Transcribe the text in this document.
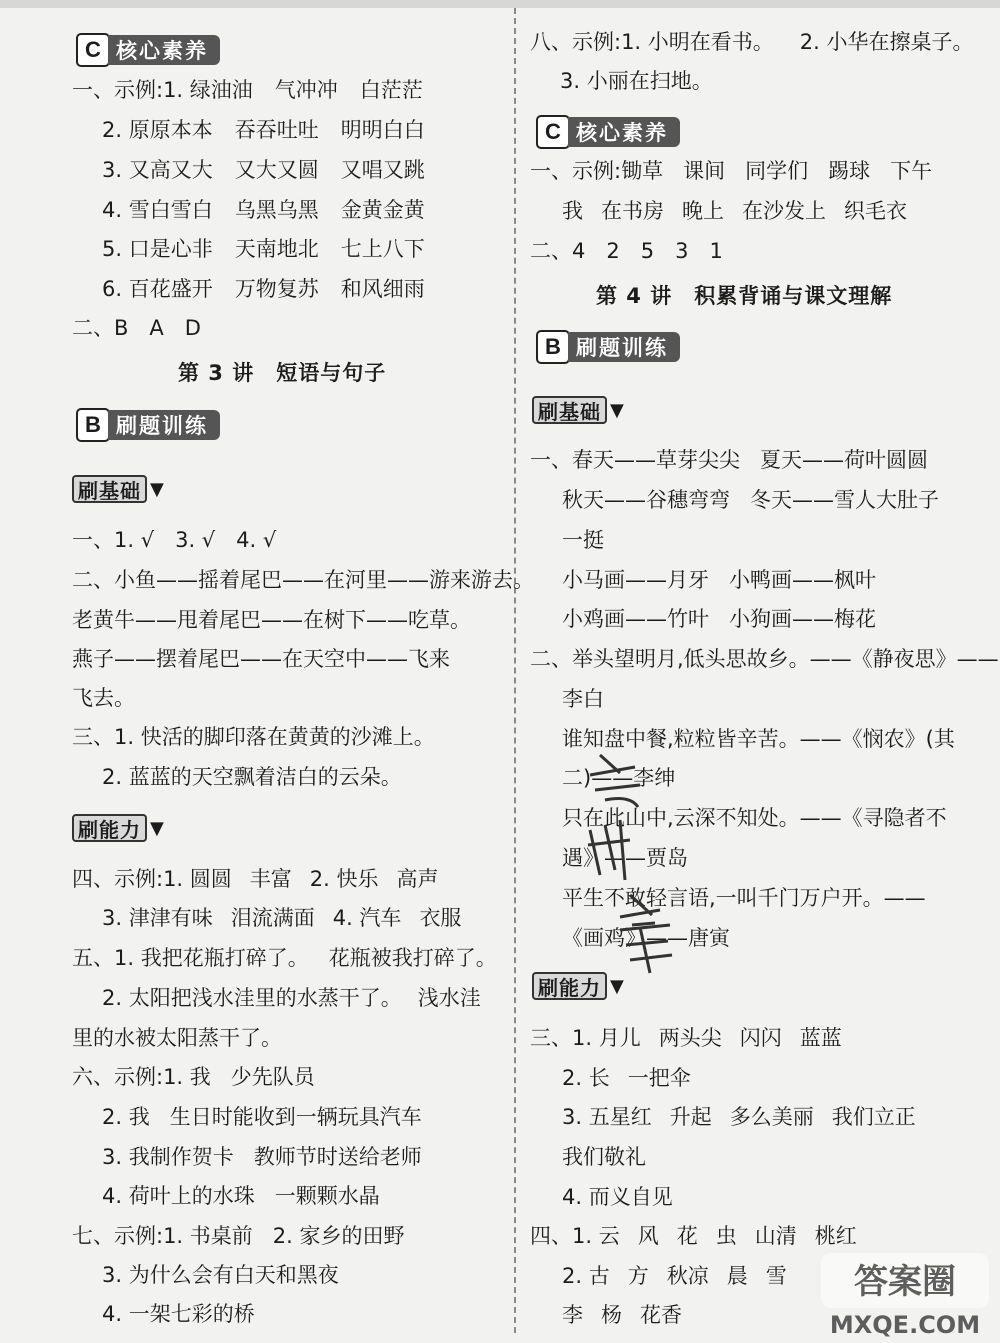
C 核心素养
一、示例:1. 绿油油 气冲冲 白茫茫
2. 原原本本 吞吞吐吐 明明白白
3. 又高又大 又大又圆 又唱又跳
4. 雪白雪白 乌黑乌黑 金黄金黄
5. 口是心非 天南地北 七上八下
6. 百花盛开 万物复苏 和风细雨
二、B　A　D
第 3 讲　短语与句子
B 刷题训练
刷基础 ▼
一、1. √　3. √　4. √
二、小鱼——摇着尾巴——在河里——游来游去。
老黄牛——甩着尾巴——在树下——吃草。
燕子——摆着尾巴——在天空中——飞来
飞去。
三、1. 快活的脚印落在黄黄的沙滩上。
2. 蓝蓝的天空飘着洁白的云朵。
刷能力 ▼
四、示例:1. 圆圆 丰富 2. 快乐 高声
3. 津津有味 泪流满面 4. 汽车 衣服
五、1. 我把花瓶打碎了。 花瓶被我打碎了。
2. 太阳把浅水洼里的水蒸干了。 浅水洼
里的水被太阳蒸干了。
六、示例:1. 我 少先队员
2. 我 生日时能收到一辆玩具汽车
3. 我制作贺卡 教师节时送给老师
4. 荷叶上的水珠 一颗颗水晶
七、示例:1. 书桌前 2. 家乡的田野
3. 为什么会有白天和黑夜
4. 一架七彩的桥
八、示例:1. 小明在看书。 2. 小华在擦桌子。
3. 小丽在扫地。
C 核心素养
一、示例:锄草 课间 同学们 踢球 下午
我 在书房 晚上 在沙发上 织毛衣
二、4　2　5　3　1
第 4 讲　积累背诵与课文理解
B 刷题训练
刷基础 ▼
一、春天——草芽尖尖 夏天——荷叶圆圆
秋天——谷穗弯弯 冬天——雪人大肚子
一挺
小马画——月牙 小鸭画——枫叶
小鸡画——竹叶 小狗画——梅花
二、举头望明月,低头思故乡。——《静夜思》——
李白
谁知盘中餐,粒粒皆辛苦。——《悯农》(其
二)——李绅
只在此山中,云深不知处。——《寻隐者不
遇》——贾岛
平生不敢轻言语,一叫千门万户开。——
《画鸡》——唐寅
刷能力 ▼
三、1. 月儿 两头尖 闪闪 蓝蓝
2. 长 一把伞
3. 五星红 升起 多么美丽 我们立正
我们敬礼
4. 而义自见
四、1. 云 风 花 虫 山清 桃红
2. 古 方 秋凉 晨 雪
李 杨 花香
答案圈
MXQE.COM
